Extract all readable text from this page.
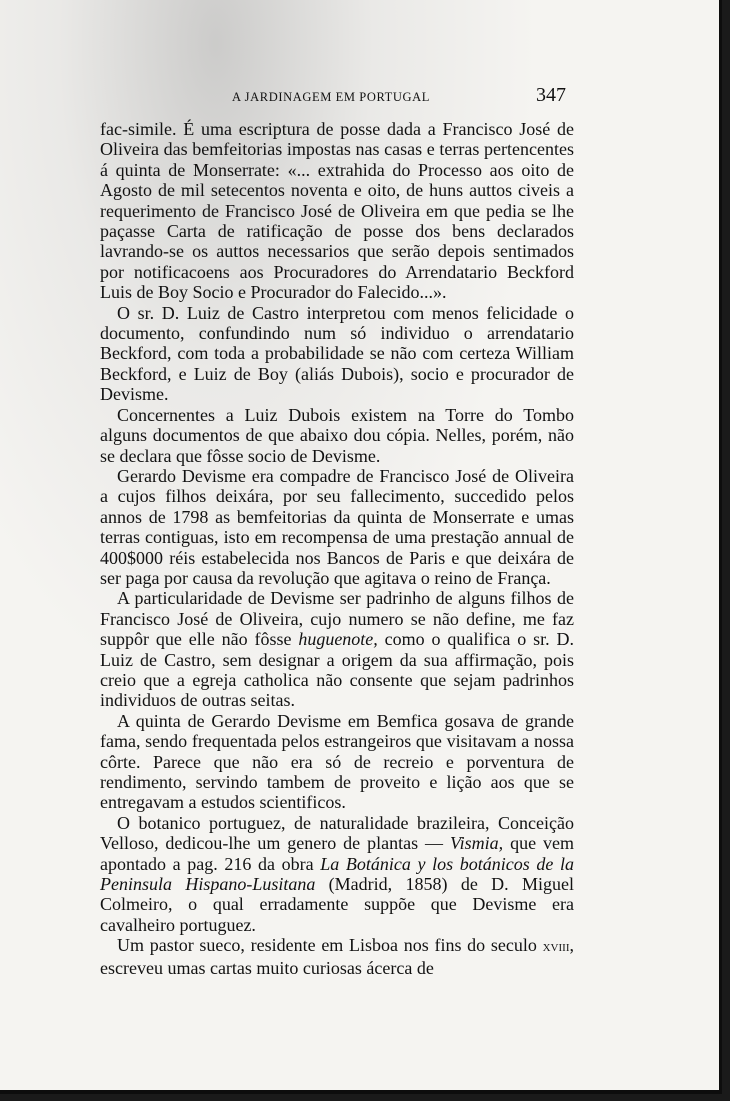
A JARDINAGEM EM PORTUGAL	347

fac-simile. É uma escriptura de posse dada a Francisco José de Oliveira das bemfeitorias impostas nas casas e terras pertencentes á quinta de Monserrate: «... extrahida do Processo aos oito de Agosto de mil setecentos noventa e oito, de huns auttos civeis a requerimento de Francisco José de Oliveira em que pedia se lhe paçasse Carta de ratificação de posse dos bens declarados lavrando-se os auttos necessarios que serão depois sentimados por notificacoens aos Procuradores do Arrendatario Beckford Luis de Boy Socio e Procurador do Falecido...».

O sr. D. Luiz de Castro interpretou com menos felicidade o documento, confundindo num só individuo o arrendatario Beckford, com toda a probabilidade se não com certeza William Beckford, e Luiz de Boy (aliás Dubois), socio e procurador de Devisme.

Concernentes a Luiz Dubois existem na Torre do Tombo alguns documentos de que abaixo dou cópia. Nelles, porém, não se declara que fôsse socio de Devisme.

Gerardo Devisme era compadre de Francisco José de Oliveira a cujos filhos deixára, por seu fallecimento, succedido pelos annos de 1798 as bemfeitorias da quinta de Monserrate e umas terras contiguas, isto em recompensa de uma prestação annual de 400$000 réis estabelecida nos Bancos de Paris e que deixára de ser paga por causa da revolução que agitava o reino de França.

A particularidade de Devisme ser padrinho de alguns filhos de Francisco José de Oliveira, cujo numero se não define, me faz suppôr que elle não fôsse huguenote, como o qualifica o sr. D. Luiz de Castro, sem designar a origem da sua affirmação, pois creio que a egreja catholica não consente que sejam padrinhos individuos de outras seitas.

A quinta de Gerardo Devisme em Bemfica gosava de grande fama, sendo frequentada pelos estrangeiros que visitavam a nossa côrte. Parece que não era só de recreio e porventura de rendimento, servindo tambem de proveito e lição aos que se entregavam a estudos scientificos.

O botanico portuguez, de naturalidade brazileira, Conceição Velloso, dedicou-lhe um genero de plantas — Vismia, que vem apontado a pag. 216 da obra La Botánica y los botánicos de la Peninsula Hispano-Lusitana (Madrid, 1858) de D. Miguel Colmeiro, o qual erradamente suppõe que Devisme era cavalheiro portuguez.

Um pastor sueco, residente em Lisboa nos fins do seculo xviii, escreveu umas cartas muito curiosas ácerca de
